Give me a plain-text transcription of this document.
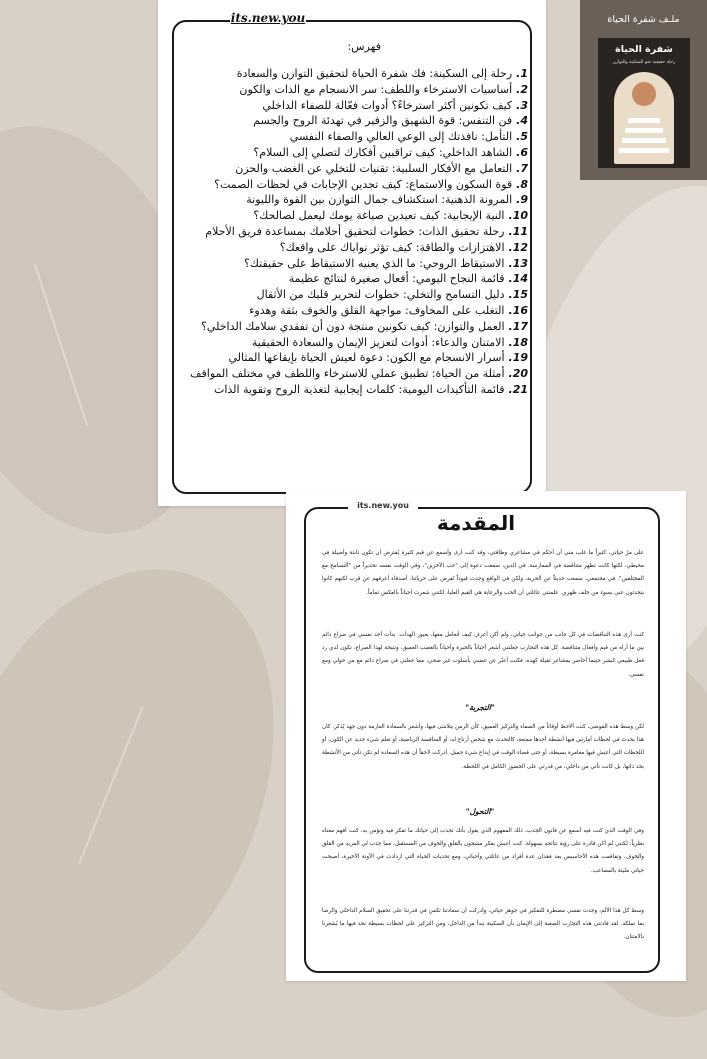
its.new.you
فهرس:
1.رحلة إلى السكينة: فك شفرة الحياة لتحقيق التوازن والسعادة
2.أساسيات الاسترخاء واللطف: سر الانسجام مع الذات والكون
3.كيف تكونين أكثر استرخاءً؟ أدوات فعّالة للصفاء الداخلي
4.فن التنفس: قوة الشهيق والزفير في تهدئة الروح والجسم
5.التأمل: نافذتك إلى الوعي العالي والصفاء النفسي
6.الشاهد الداخلي: كيف تراقبين أفكارك لتصلي إلى السلام؟
7.التعامل مع الأفكار السلبية: تقنيات للتخلي عن الغضب والحزن
8.قوة السكون والاستماع: كيف تجدين الإجابات في لحظات الصمت؟
9.المرونة الذهنية: استكشاف جمال التوازن بين القوة والليونة
10.النية الإيجابية: كيف تعيدين صياغة يومك ليعمل لصالحك؟
11.رحلة تحقيق الذات: خطوات لتحقيق أحلامك بمساعدة فريق الأحلام
12.الاهتزازات والطاقة: كيف تؤثر نواياك على واقعك؟
13.الاستيقاظ الروحي: ما الذي يعنيه الاستيقاظ على حقيقتك؟
14.قائمة النجاح اليومي: أفعال صغيرة لنتائج عظيمة
15.دليل التسامح والتخلي: خطوات لتحرير قلبك من الأثقال
16.التغلب على المخاوف: مواجهة القلق والخوف بثقة وهدوء
17.العمل والتوازن: كيف تكونين منتجة دون أن تفقدي سلامك الداخلي؟
18.الامتنان والدعاء: أدوات لتعزيز الإيمان والسعادة الحقيقية
19.أسرار الانسجام مع الكون: دعوة لعيش الحياة بإيقاعها المثالي
20.أمثلة من الحياة: تطبيق عملي للاسترخاء واللطف في مختلف المواقف
21.قائمة التأكيدات اليومية: كلمات إيجابية لتغذية الروح وتقوية الذات
ملـف شفرة الحياة
شفرة الحياة
رحلة حقيقية نحو السكينة والتوازن
its.new.you
المقدمة
على مرّ حياتي، كثيراً ما غلب مني أن أحكم في مشاعري وطاقتي، وقد كنت أرى وأسمع عن قيم كثيرة يُفترض أن تكون ثابتة وأصيلة في محيطي، لكنها كانت تظهر متناقضة في الممارسة. في الدين، سمعت دعوة إلى "حب الآخرين"، وفي الوقت نفسه تحذيراً من "التسامح مع المختلفين". في مجتمعي، سمعت حديثاً عن الحرية، ولكن في الواقع وجدت قيوداً تُفرض على حرياتنا. أصدقاء أعرفهم عن قرب لكنهم كانوا يتحدثون عني بسوء من خلف ظهري. علمتني عائلتي أن الحب والرعاية هي القيم العليا، لكنني شعرت أحياناً بالعكس تماماً.
كنت أرى هذه التناقضات في كل جانب من جوانب حياتي، ولم أكن أعرف كيف أتعامل معها، بعيور الهدأت. بدأت أجد نفسي في صراع دائم بين ما أراه من قيم وأفعال متناقضة. كل هذه التجارب جعلتني أشعر أحياناً بالحيرة وأحياناً بالغضب العميق، ونتيجة لهذا الصراع، تكون لدي رد فعل طبيعي كبشر حينما أحاصر بمشاعر ثقيلة كهذه، فكنت أعبّر عن غضبي بأسلوب غير صحي، مما جعلني في صراع دائم مع من حولي ومع نفسي.
"التجربة"
لكن وسط هذه الفوضى، كنت ألاحظ أوقاتاً من الصفاء والتركيز العميق، كأن الزمن يتلاشى فيها، وأشعر بالسعادة العارمة دون جهد يُذكر. كان هذا يحدث في لحظات أمارس فيها أنشطة أجدها ممتعة، كالتحدث مع شخص أرتاح له، أو المنافسة الرياضية، أو تعلم شيء جديد عن الكون، أو اللحظات التي أعيش فيها مغامرة بسيطة، أو حتى قضاء الوقت في إبداع شيء جميل. أدركت لاحقاً أن هذه السعادة لم تكن تأتي من الأنشطة بحد ذاتها، بل كانت تأتي من داخلي، من قدرتي على الحضور الكامل في اللحظة.
"التحول"
وفي الوقت الذي كنت فيه أسمع عن قانون الجذب، ذلك المفهوم الذي يقول بأنك تجذب إلى حياتك ما تفكر فيه وتؤمن به، كنت أفهم معناه نظرياً، لكنني لم أكن قادرة على رؤية نتائجه بسهولة. كنت أعيش بفكر مشحون بالقلق والخوف من المستقبل، مما جذب لي المزيد من القلق والخوف، وتفاقمت هذه الأحاسيس بعد فقدان عدة أفراد من عائلتي وأحبائي، ومع تحديات الحياة التي ازدادت في الآونة الأخيرة، أصبحت حياتي مليئة بالمصاعب.
وسط كل هذا الألم، وجدت نفسي مضطرة للتفكير في جوهر حياتي، وأدركت أن سعادتنا تكمن في قدرتنا على تحقيق السلام الداخلي والرضا بما نملكه. لقد قادتني هذه التجارب الصعبة إلى الإيمان بأن السكينة تبدأ من الداخل، ومن التركيز على لحظات بسيطة نجد فيها ما يُشعرنا بالامتنان.
